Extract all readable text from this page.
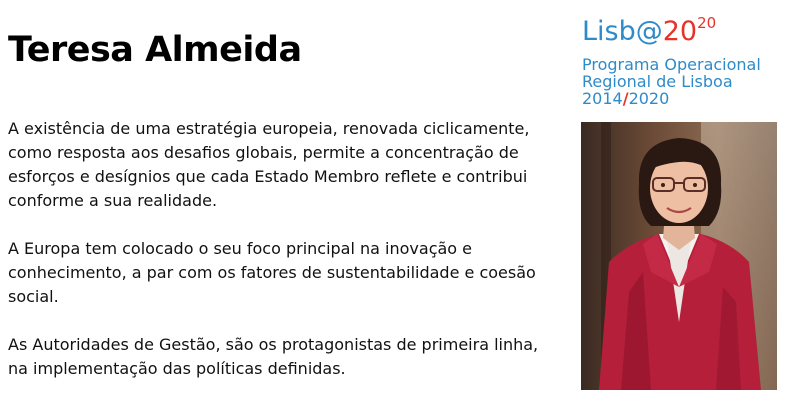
Teresa Almeida

A existência de uma estratégia europeia, renovada ciclicamente, como resposta aos desafios globais, permite a concentração de esforços e desígnios que cada Estado Membro reflete e contribui conforme a sua realidade.

A Europa tem colocado o seu foco principal na inovação e conhecimento, a par com os fatores de sustentabilidade e coesão social.

As Autoridades de Gestão, são os protagonistas de primeira linha, na implementação das políticas definidas.

$Lisb@20^{20}$
Programa Operacional
Regional de Lisboa
2014/2020
